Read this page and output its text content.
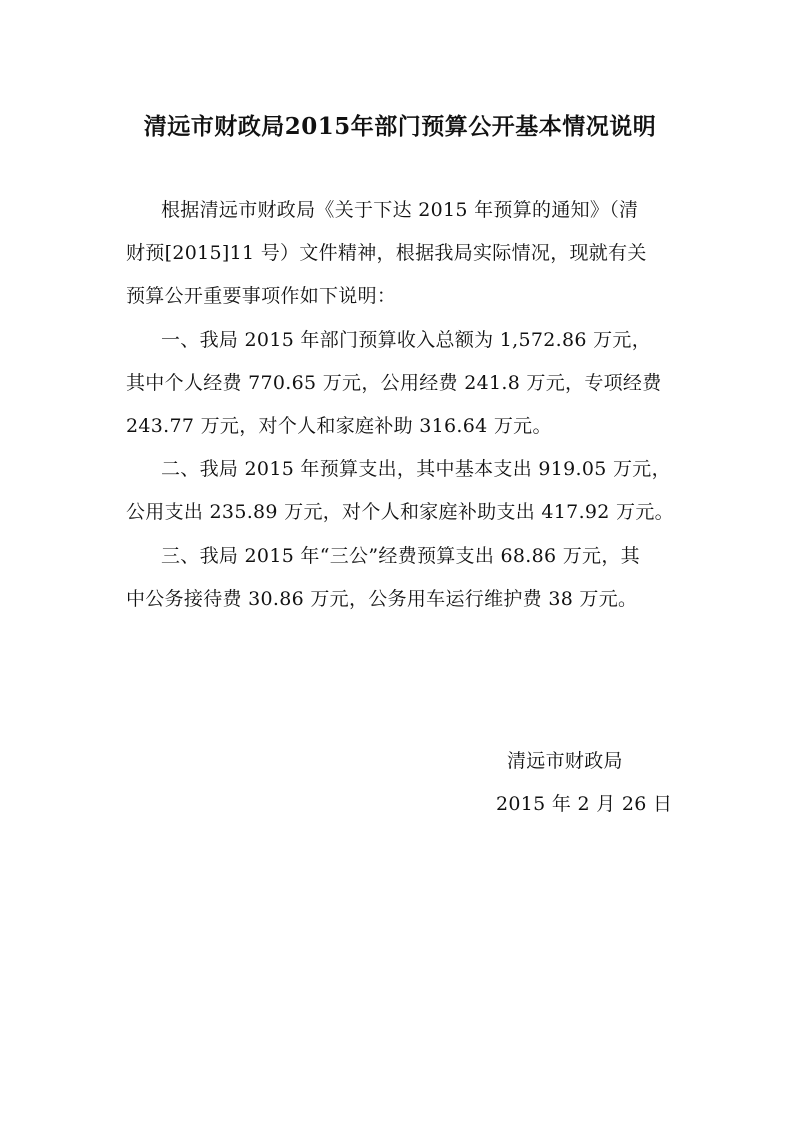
清远市财政局2015年部门预算公开基本情况说明
根据清远市财政局《关于下达 2015 年预算的通知》（清
财预[2015]11 号）文件精神，根据我局实际情况，现就有关
预算公开重要事项作如下说明：
一、我局 2015 年部门预算收入总额为 1,572.86 万元，
其中个人经费 770.65 万元，公用经费 241.8 万元，专项经费
243.77 万元，对个人和家庭补助 316.64 万元。
二、我局 2015 年预算支出，其中基本支出 919.05 万元，
公用支出 235.89 万元，对个人和家庭补助支出 417.92 万元。
三、我局 2015 年“三公”经费预算支出 68.86 万元，其
中公务接待费 30.86 万元，公务用车运行维护费 38 万元。
清远市财政局
2015 年 2 月 26 日
